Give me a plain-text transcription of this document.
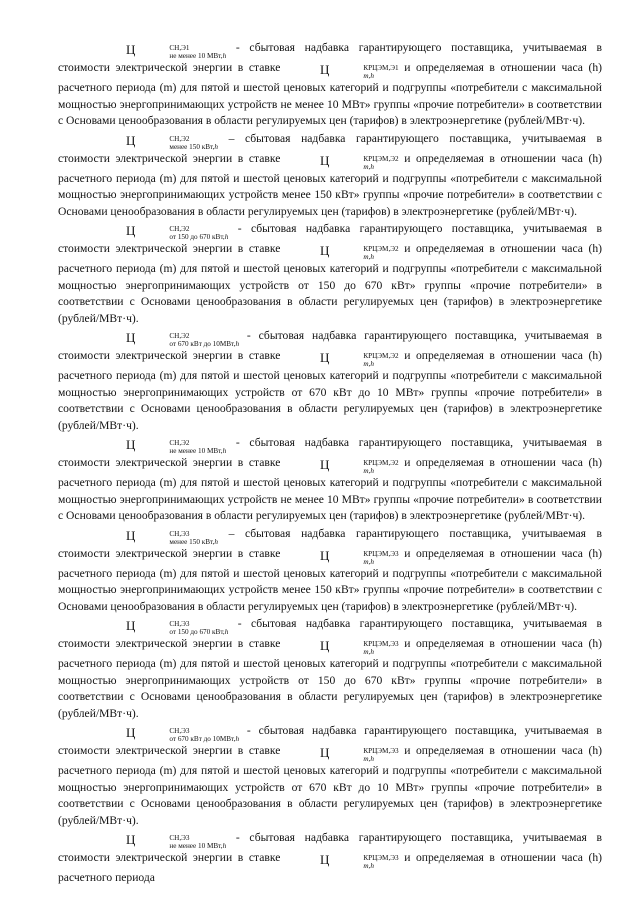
Ц	СН,Э1
не менее 10 МВт,h
- сбытовая надбавка гарантирующего поставщика, учитываемая в стоимости электрической энергии в ставке	Ц	КРЦЭМ,Э1
m,h
и определяемая в отношении часа (h) расчетного периода (m) для пятой и шестой ценовых категорий и подгруппы «потребители с максимальной мощностью энергопринимающих устройств не менее 10 МВт» группы «прочие потребители» в соответствии с Основами ценообразования в области регулируемых цен (тарифов) в электроэнергетике (рублей/МВт·ч).

Ц	СН,Э2
менее 150 кВт,h
– сбытовая надбавка гарантирующего поставщика, учитываемая в стоимости электрической энергии в ставке	Ц	КРЦЭМ,Э2
m,h
и определяемая в отношении часа (h) расчетного периода (m) для пятой и шестой ценовых категорий и подгруппы «потребители с максимальной мощностью энергопринимающих устройств менее 150 кВт» группы «прочие потребители» в соответствии с Основами ценообразования в области регулируемых цен (тарифов) в электроэнергетике (рублей/МВт·ч).

Ц	СН,Э2
от 150 до 670 кВт,h
- сбытовая надбавка гарантирующего поставщика, учитываемая в стоимости электрической энергии в ставке	Ц	КРЦЭМ,Э2
m,h
и определяемая в отношении часа (h) расчетного периода (m) для пятой и шестой ценовых категорий и подгруппы «потребители с максимальной мощностью энергопринимающих устройств от 150 до 670 кВт» группы «прочие потребители» в соответствии с Основами ценообразования в области регулируемых цен (тарифов) в электроэнергетике (рублей/МВт·ч).

Ц	СН,Э2
от 670 кВт до 10МВт,h
- сбытовая надбавка гарантирующего поставщика, учитываемая в стоимости электрической энергии в ставке	Ц	КРЦЭМ,Э2
m,h
и определяемая в отношении часа (h) расчетного периода (m) для пятой и шестой ценовых категорий и подгруппы «потребители с максимальной мощностью энергопринимающих устройств от 670 кВт до 10 МВт» группы «прочие потребители» в соответствии с Основами ценообразования в области регулируемых цен (тарифов) в электроэнергетике (рублей/МВт·ч).

Ц	СН,Э2
не менее 10 МВт,h
- сбытовая надбавка гарантирующего поставщика, учитываемая в стоимости электрической энергии в ставке	Ц	КРЦЭМ,Э2
m,h
и определяемая в отношении часа (h) расчетного периода (m) для пятой и шестой ценовых категорий и подгруппы «потребители с максимальной мощностью энергопринимающих устройств не менее 10 МВт» группы «прочие потребители» в соответствии с Основами ценообразования в области регулируемых цен (тарифов) в электроэнергетике (рублей/МВт·ч).

Ц	СН,Э3
менее 150 кВт,h
– сбытовая надбавка гарантирующего поставщика, учитываемая в стоимости электрической энергии в ставке	Ц	КРЦЭМ,Э3
m,h
и определяемая в отношении часа (h) расчетного периода (m) для пятой и шестой ценовых категорий и подгруппы «потребители с максимальной мощностью энергопринимающих устройств менее 150 кВт» группы «прочие потребители» в соответствии с Основами ценообразования в области регулируемых цен (тарифов) в электроэнергетике (рублей/МВт·ч).

Ц	СН,Э3
от 150 до 670 кВт,h
- сбытовая надбавка гарантирующего поставщика, учитываемая в стоимости электрической энергии в ставке	Ц	КРЦЭМ,Э3
m,h
и определяемая в отношении часа (h) расчетного периода (m) для пятой и шестой ценовых категорий и подгруппы «потребители с максимальной мощностью энергопринимающих устройств от 150 до 670 кВт» группы «прочие потребители» в соответствии с Основами ценообразования в области регулируемых цен (тарифов) в электроэнергетике (рублей/МВт·ч).

Ц	СН,Э3
от 670 кВт до 10МВт,h
- сбытовая надбавка гарантирующего поставщика, учитываемая в стоимости электрической энергии в ставке	Ц	КРЦЭМ,Э3
m,h
и определяемая в отношении часа (h) расчетного периода (m) для пятой и шестой ценовых категорий и подгруппы «потребители с максимальной мощностью энергопринимающих устройств от 670 кВт до 10 МВт» группы «прочие потребители» в соответствии с Основами ценообразования в области регулируемых цен (тарифов) в электроэнергетике (рублей/МВт·ч).

Ц	СН,Э3
не менее 10 МВт,h
- сбытовая надбавка гарантирующего поставщика, учитываемая в стоимости электрической энергии в ставке	Ц	КРЦЭМ,Э3
m,h
и определяемая в отношении часа (h) расчетного периода
